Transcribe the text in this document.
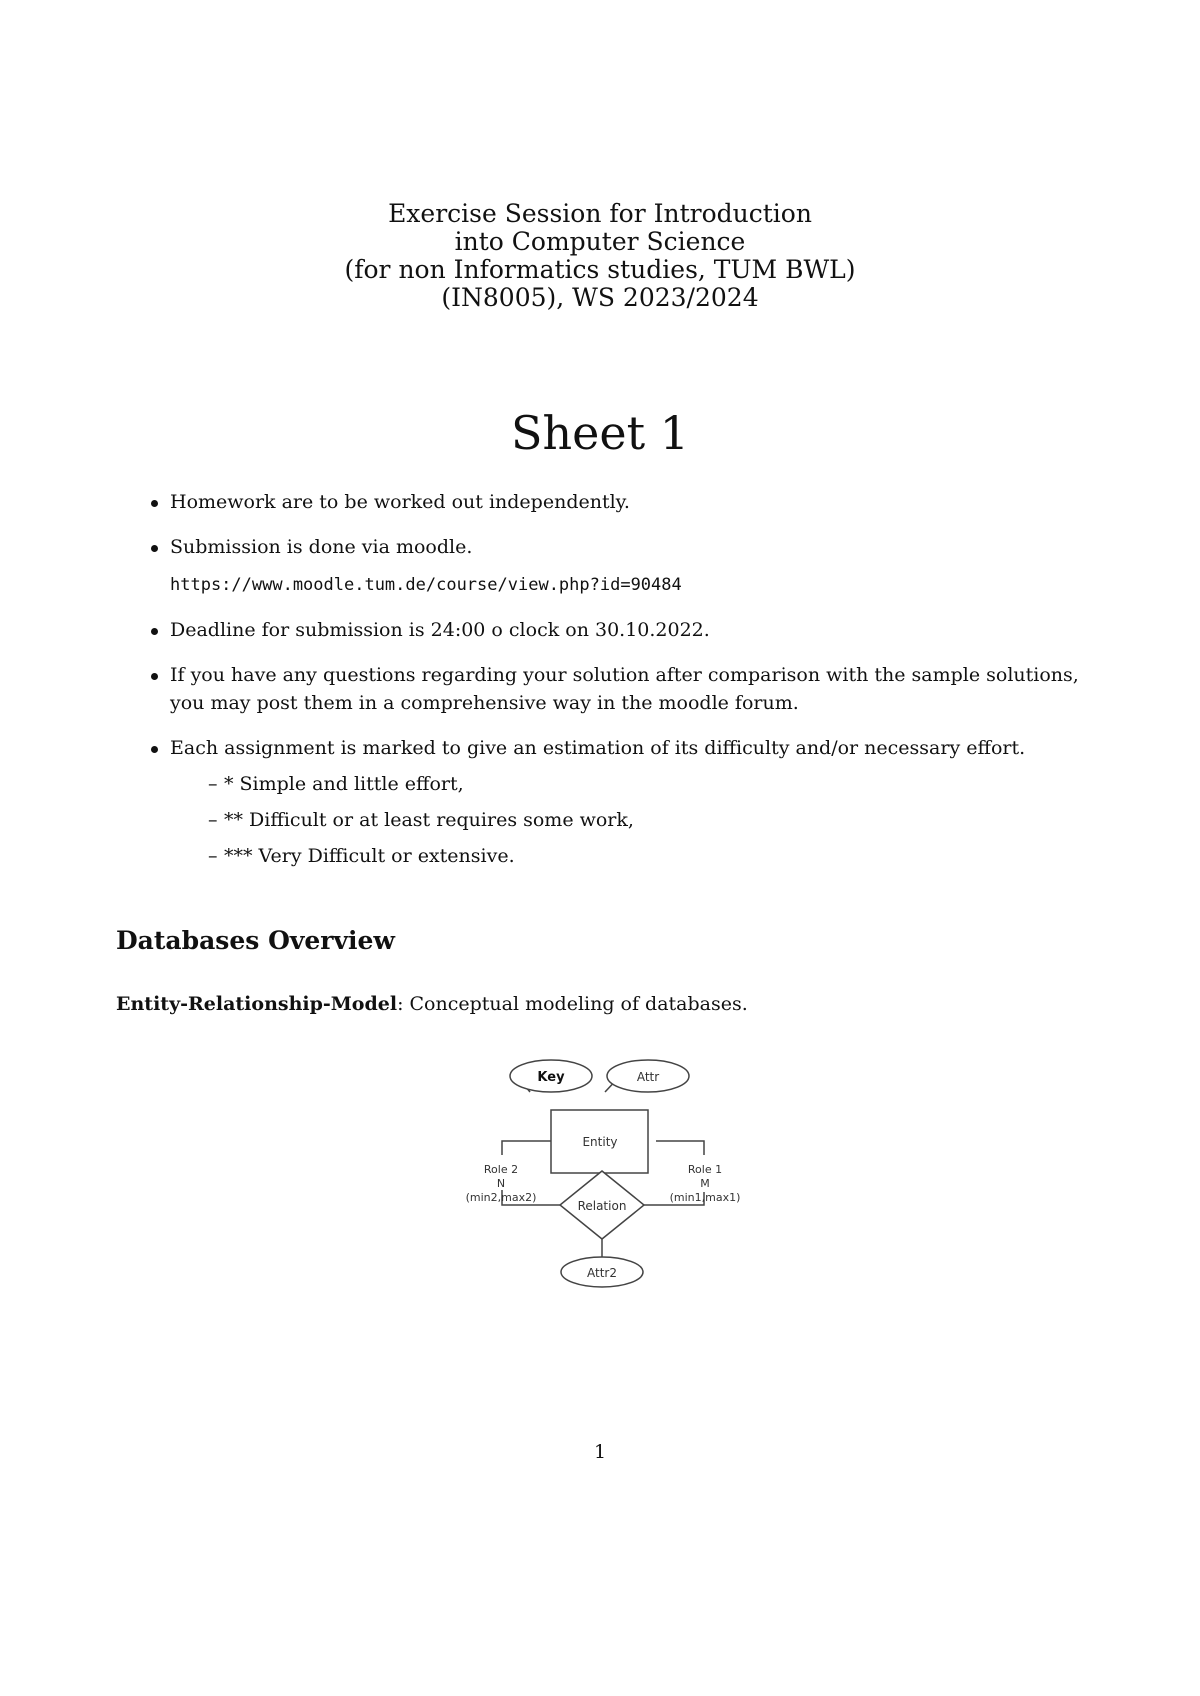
Exercise Session for Introduction
into Computer Science
(for non Informatics studies, TUM BWL)
(IN8005), WS 2023/2024
Sheet 1
Homework are to be worked out independently.
Submission is done via moodle.
https://www.moodle.tum.de/course/view.php?id=90484
Deadline for submission is 24:00 o clock on 30.10.2022.
If you have any questions regarding your solution after comparison with the sample solutions, you may post them in a comprehensive way in the moodle forum.
Each assignment is marked to give an estimation of its difficulty and/or necessary effort.
– * Simple and little effort,
– ** Difficult or at least requires some work,
– *** Very Difficult or extensive.
Databases Overview
Entity-Relationship-Model: Conceptual modeling of databases.
Key	Attr
Entity
Relation
Attr2
Role 2
N
(min2,max2)
Role 1
M
(min1,max1)
1
